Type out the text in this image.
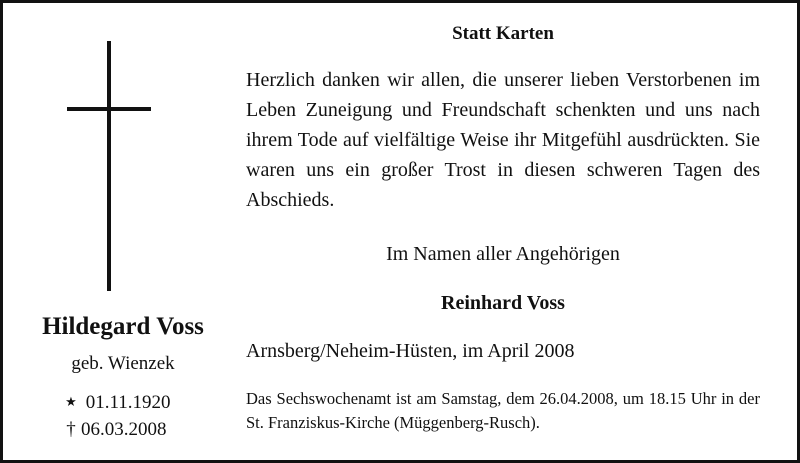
Hildegard Voss
geb. Wienzek
★ 01.11.1920
† 06.03.2008
Statt Karten
Herzlich danken wir allen, die unserer lieben Verstorbenen im Leben Zuneigung und Freundschaft schenkten und uns nach ihrem Tode auf vielfältige Weise ihr Mitgefühl ausdrückten. Sie waren uns ein großer Trost in diesen schweren Tagen des Abschieds.
Im Namen aller Angehörigen
Reinhard Voss
Arnsberg/Neheim-Hüsten, im April 2008
Das Sechswochenamt ist am Samstag, dem 26.04.2008, um 18.15 Uhr in der St. Franziskus-Kirche (Müggenberg-Rusch).
